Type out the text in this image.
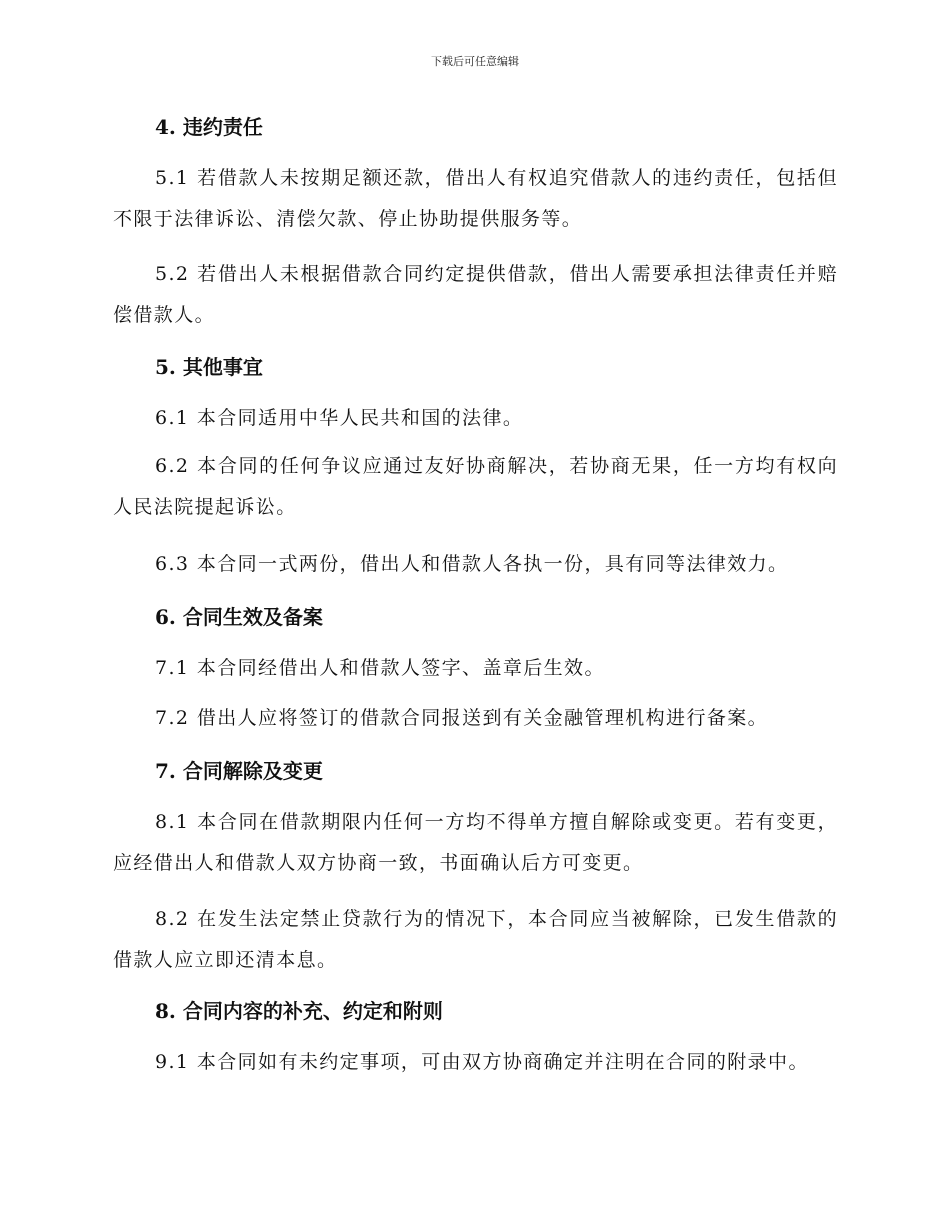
下载后可任意编辑
4. 违约责任

5.1 若借款人未按期足额还款，借出人有权追究借款人的违约责任，包括但不限于法律诉讼、清偿欠款、停止协助提供服务等。

5.2 若借出人未根据借款合同约定提供借款，借出人需要承担法律责任并赔偿借款人。

5. 其他事宜

6.1 本合同适用中华人民共和国的法律。

6.2 本合同的任何争议应通过友好协商解决，若协商无果，任一方均有权向人民法院提起诉讼。

6.3 本合同一式两份，借出人和借款人各执一份，具有同等法律效力。

6. 合同生效及备案

7.1 本合同经借出人和借款人签字、盖章后生效。

7.2 借出人应将签订的借款合同报送到有关金融管理机构进行备案。

7. 合同解除及变更

8.1 本合同在借款期限内任何一方均不得单方擅自解除或变更。若有变更，应经借出人和借款人双方协商一致，书面确认后方可变更。

8.2 在发生法定禁止贷款行为的情况下，本合同应当被解除，已发生借款的借款人应立即还清本息。

8. 合同内容的补充、约定和附则

9.1 本合同如有未约定事项，可由双方协商确定并注明在合同的附录中。
